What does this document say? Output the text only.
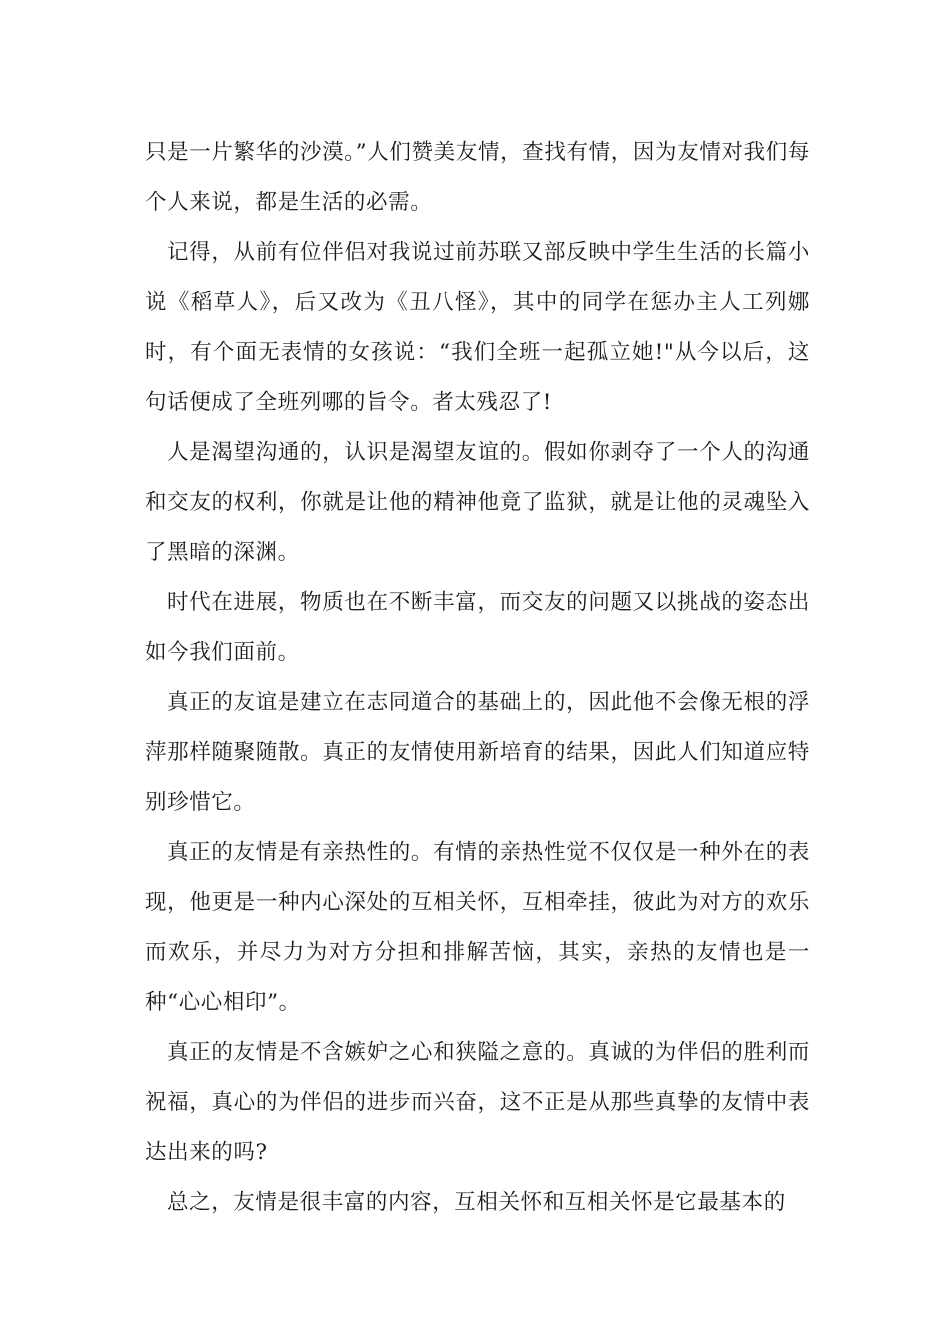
只是一片繁华的沙漠。”人们赞美友情，查找有情，因为友情对我们每个人来说，都是生活的必需。

记得，从前有位伴侣对我说过前苏联又部反映中学生生活的长篇小说《稻草人》，后又改为《丑八怪》，其中的同学在惩办主人工列娜时，有个面无表情的女孩说：“我们全班一起孤立她!"从今以后，这句话便成了全班列哪的旨令。者太残忍了!

人是渴望沟通的，认识是渴望友谊的。假如你剥夺了一个人的沟通和交友的权利，你就是让他的精神他竟了监狱，就是让他的灵魂坠入了黑暗的深渊。

时代在进展，物质也在不断丰富，而交友的问题又以挑战的姿态出如今我们面前。

真正的友谊是建立在志同道合的基础上的，因此他不会像无根的浮萍那样随聚随散。真正的友情使用新培育的结果，因此人们知道应特别珍惜它。

真正的友情是有亲热性的。有情的亲热性觉不仅仅是一种外在的表现，他更是一种内心深处的互相关怀，互相牵挂，彼此为对方的欢乐而欢乐，并尽力为对方分担和排解苦恼，其实，亲热的友情也是一种“心心相印”。

真正的友情是不含嫉妒之心和狭隘之意的。真诚的为伴侣的胜利而祝福，真心的为伴侣的进步而兴奋，这不正是从那些真挚的友情中表达出来的吗?

总之，友情是很丰富的内容，互相关怀和互相关怀是它最基本的
